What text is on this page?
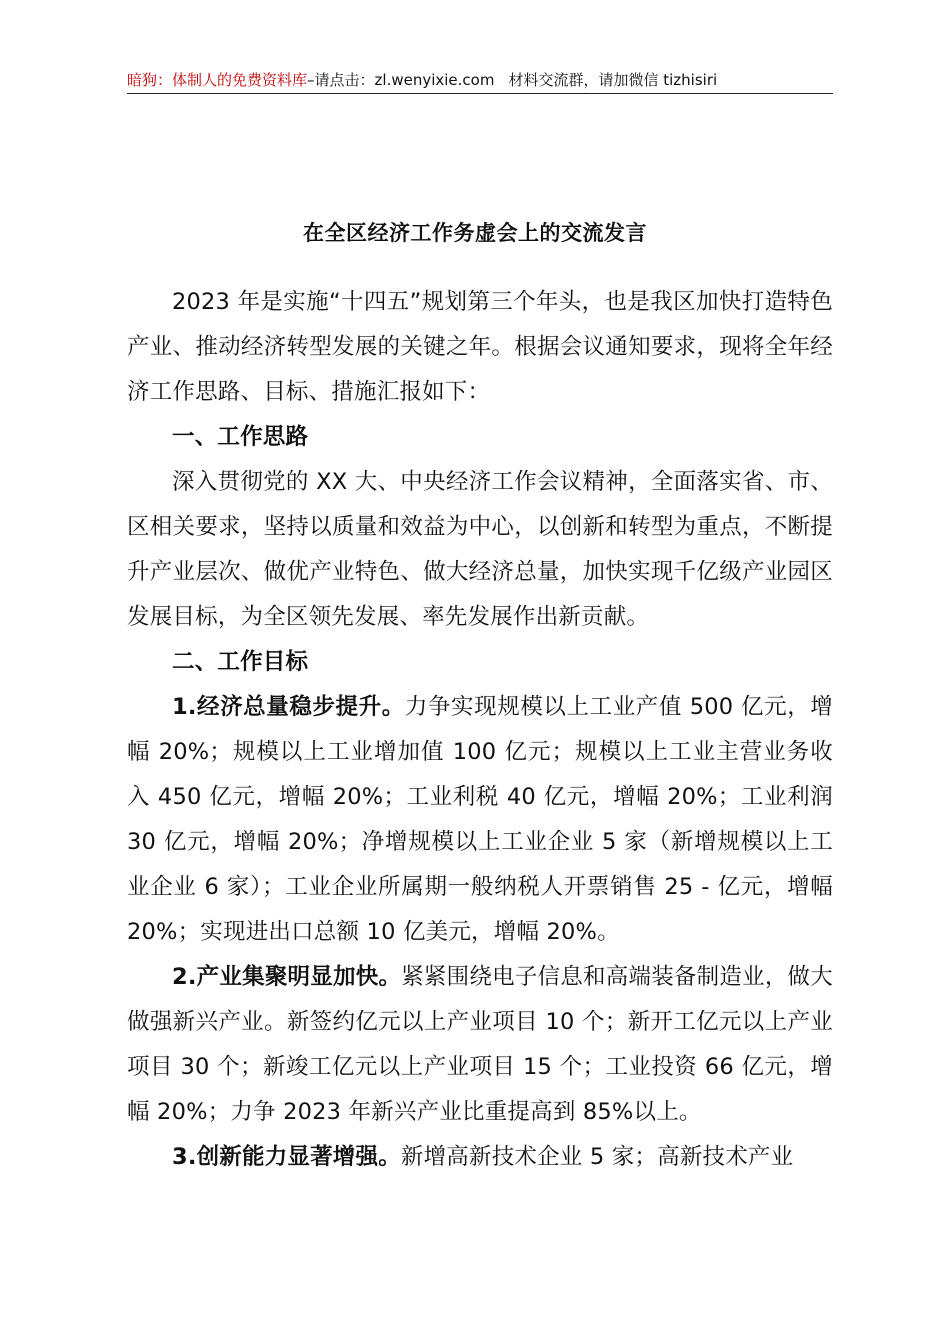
暗狗：体制人的免费资料库–请点击：zl.wenyixie.com 材料交流群，请加微信 tizhisiri
在全区经济工作务虚会上的交流发言

2023 年是实施“十四五”规划第三个年头，也是我区加快打造特色产业、推动经济转型发展的关键之年。根据会议通知要求，现将全年经济工作思路、目标、措施汇报如下：

一、工作思路

深入贯彻党的 XX 大、中央经济工作会议精神，全面落实省、市、区相关要求，坚持以质量和效益为中心，以创新和转型为重点，不断提升产业层次、做优产业特色、做大经济总量，加快实现千亿级产业园区发展目标，为全区领先发展、率先发展作出新贡献。

二、工作目标

1.经济总量稳步提升。力争实现规模以上工业产值 500 亿元，增幅 20%；规模以上工业增加值 100 亿元；规模以上工业主营业务收入 450 亿元，增幅 20%；工业利税 40 亿元，增幅 20%；工业利润 30 亿元，增幅 20%；净增规模以上工业企业 5 家（新增规模以上工业企业 6 家）；工业企业所属期一般纳税人开票销售 25 - 亿元，增幅 20%；实现进出口总额 10 亿美元，增幅 20%。

2.产业集聚明显加快。紧紧围绕电子信息和高端装备制造业，做大做强新兴产业。新签约亿元以上产业项目 10 个；新开工亿元以上产业项目 30 个；新竣工亿元以上产业项目 15 个；工业投资 66 亿元，增幅 20%；力争 2023 年新兴产业比重提高到 85%以上。

3.创新能力显著增强。新增高新技术企业 5 家；高新技术产业
